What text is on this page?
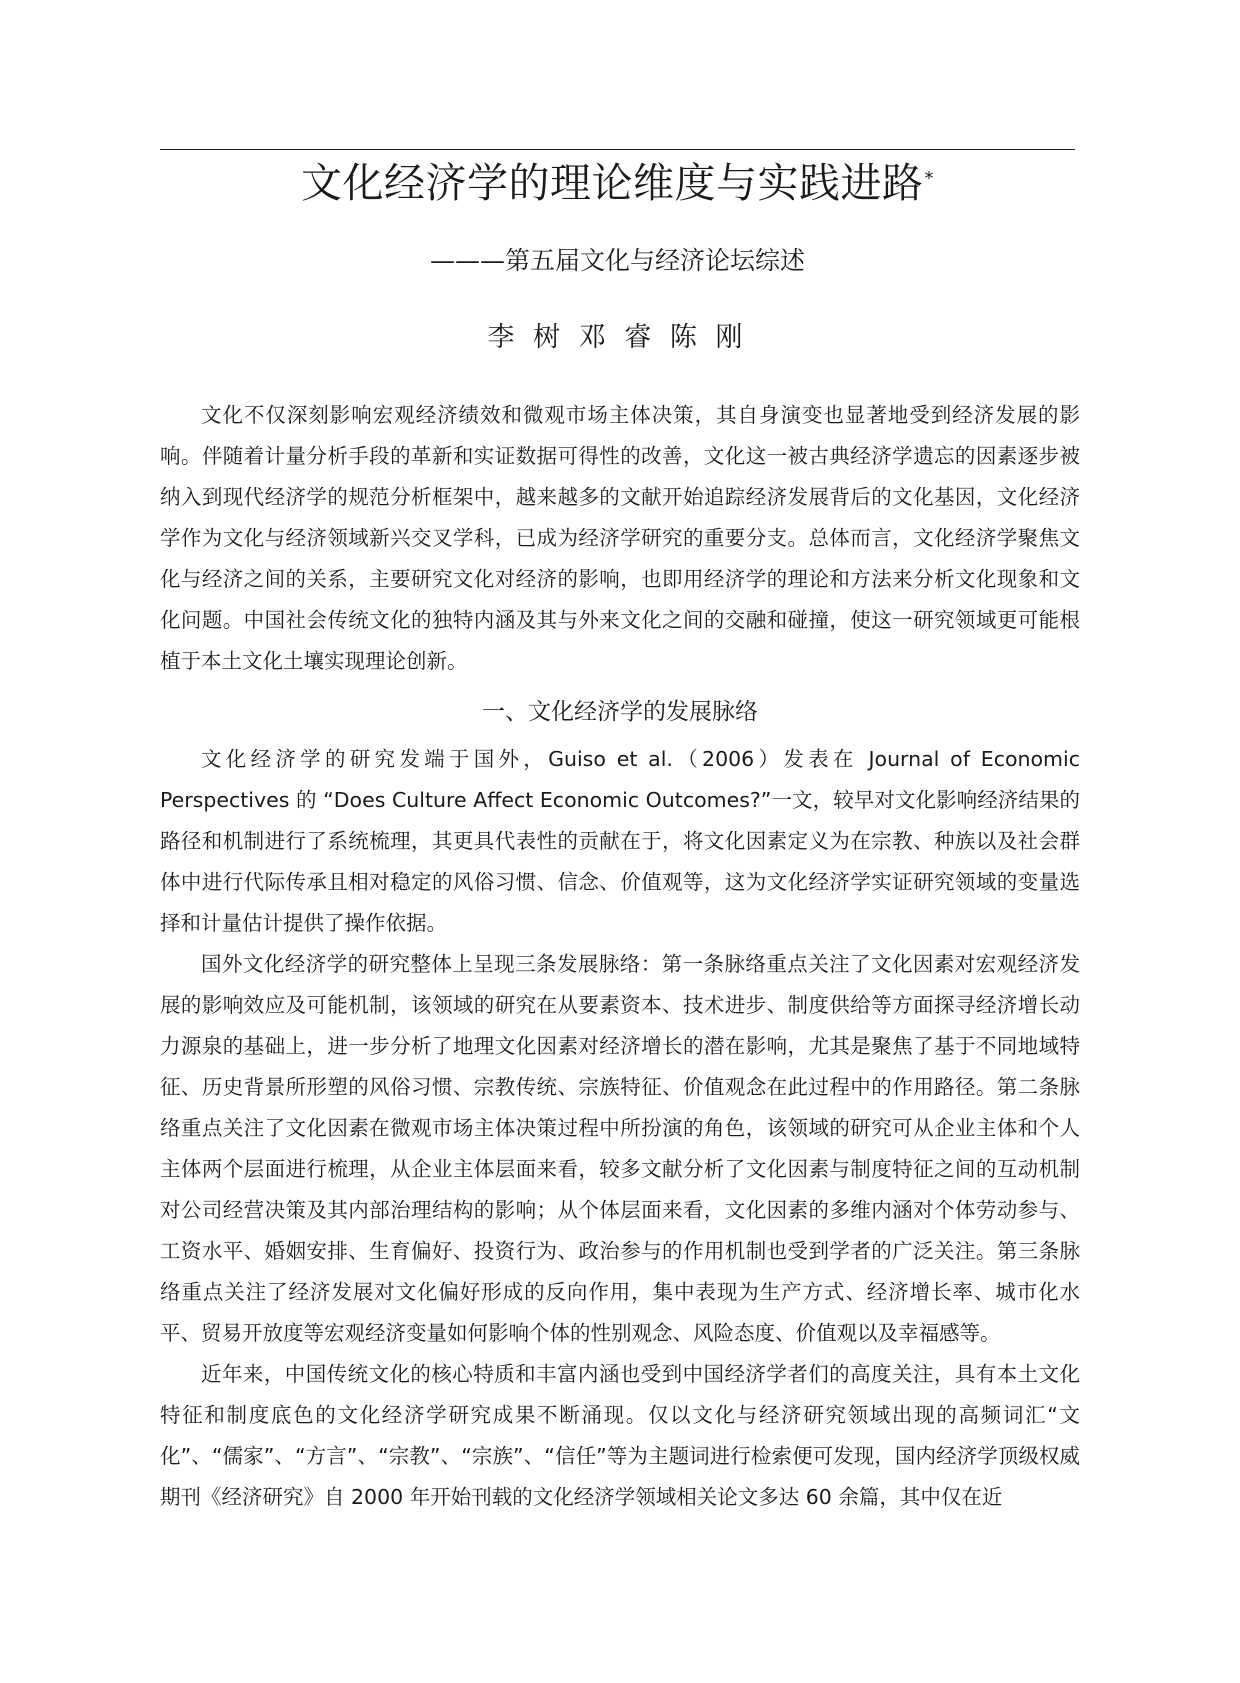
文化经济学的理论维度与实践进路*
———第五届文化与经济论坛综述
李 树 邓 睿 陈 刚

文化不仅深刻影响宏观经济绩效和微观市场主体决策，其自身演变也显著地受到经济发展的影响。伴随着计量分析手段的革新和实证数据可得性的改善，文化这一被古典经济学遗忘的因素逐步被纳入到现代经济学的规范分析框架中，越来越多的文献开始追踪经济发展背后的文化基因，文化经济学作为文化与经济领域新兴交叉学科，已成为经济学研究的重要分支。总体而言，文化经济学聚焦文化与经济之间的关系，主要研究文化对经济的影响，也即用经济学的理论和方法来分析文化现象和文化问题。中国社会传统文化的独特内涵及其与外来文化之间的交融和碰撞，使这一研究领域更可能根植于本土文化土壤实现理论创新。

一、文化经济学的发展脉络

文化经济学的研究发端于国外，Guiso et al.（2006）发表在 Journal of Economic Perspectives 的 “Does Culture Affect Economic Outcomes?”一文，较早对文化影响经济结果的路径和机制进行了系统梳理，其更具代表性的贡献在于，将文化因素定义为在宗教、种族以及社会群体中进行代际传承且相对稳定的风俗习惯、信念、价值观等，这为文化经济学实证研究领域的变量选择和计量估计提供了操作依据。

国外文化经济学的研究整体上呈现三条发展脉络：第一条脉络重点关注了文化因素对宏观经济发展的影响效应及可能机制，该领域的研究在从要素资本、技术进步、制度供给等方面探寻经济增长动力源泉的基础上，进一步分析了地理文化因素对经济增长的潜在影响，尤其是聚焦了基于不同地域特征、历史背景所形塑的风俗习惯、宗教传统、宗族特征、价值观念在此过程中的作用路径。第二条脉络重点关注了文化因素在微观市场主体决策过程中所扮演的角色，该领域的研究可从企业主体和个人主体两个层面进行梳理，从企业主体层面来看，较多文献分析了文化因素与制度特征之间的互动机制对公司经营决策及其内部治理结构的影响；从个体层面来看，文化因素的多维内涵对个体劳动参与、工资水平、婚姻安排、生育偏好、投资行为、政治参与的作用机制也受到学者的广泛关注。第三条脉络重点关注了经济发展对文化偏好形成的反向作用，集中表现为生产方式、经济增长率、城市化水平、贸易开放度等宏观经济变量如何影响个体的性别观念、风险态度、价值观以及幸福感等。

近年来，中国传统文化的核心特质和丰富内涵也受到中国经济学者们的高度关注，具有本土文化特征和制度底色的文化经济学研究成果不断涌现。仅以文化与经济研究领域出现的高频词汇“文化”、“儒家”、“方言”、“宗教”、“宗族”、“信任”等为主题词进行检索便可发现，国内经济学顶级权威期刊《经济研究》自 2000 年开始刊载的文化经济学领域相关论文多达 60 余篇，其中仅在近
